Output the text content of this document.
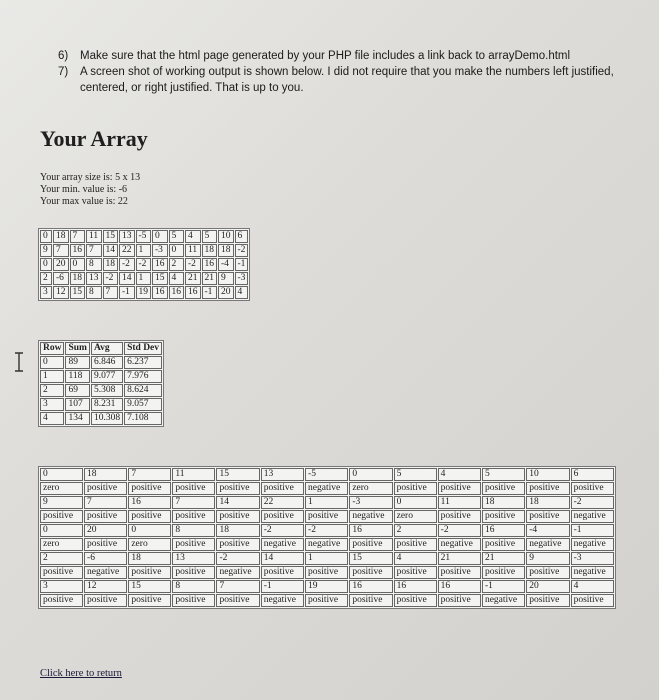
6)	Make sure that the html page generated by your PHP file includes a link back to arrayDemo.html
7)	A screen shot of working output is shown below. I did not require that you make the numbers left justified, centered, or right justified. That is up to you.
Your Array
Your array size is: 5 x 13
Your min. value is: -6
Your max value is: 22
0	18	7	11	15	13	-5	0	5	4	5	10	6
9	7	16	7	14	22	1	-3	0	11	18	18	-2
0	20	0	8	18	-2	-2	16	2	-2	16	-4	-1
2	-6	18	13	-2	14	1	15	4	21	21	9	-3
3	12	15	8	7	-1	19	16	16	16	-1	20	4
Row	Sum	Avg	Std Dev
0	89	6.846	6.237
1	118	9.077	7.976
2	69	5.308	8.624
3	107	8.231	9.057
4	134	10.308	7.108
0	18	7	11	15	13	-5	0	5	4	5	10	6
zero	positive	positive	positive	positive	positive	negative	zero	positive	positive	positive	positive	positive
9	7	16	7	14	22	1	-3	0	11	18	18	-2
positive	positive	positive	positive	positive	positive	positive	negative	zero	positive	positive	positive	negative
0	20	0	8	18	-2	-2	16	2	-2	16	-4	-1
zero	positive	zero	positive	positive	negative	negative	positive	positive	negative	positive	negative	negative
2	-6	18	13	-2	14	1	15	4	21	21	9	-3
positive	negative	positive	positive	negative	positive	positive	positive	positive	positive	positive	positive	negative
3	12	15	8	7	-1	19	16	16	16	-1	20	4
positive	positive	positive	positive	positive	negative	positive	positive	positive	positive	negative	positive	positive
Click here to return
